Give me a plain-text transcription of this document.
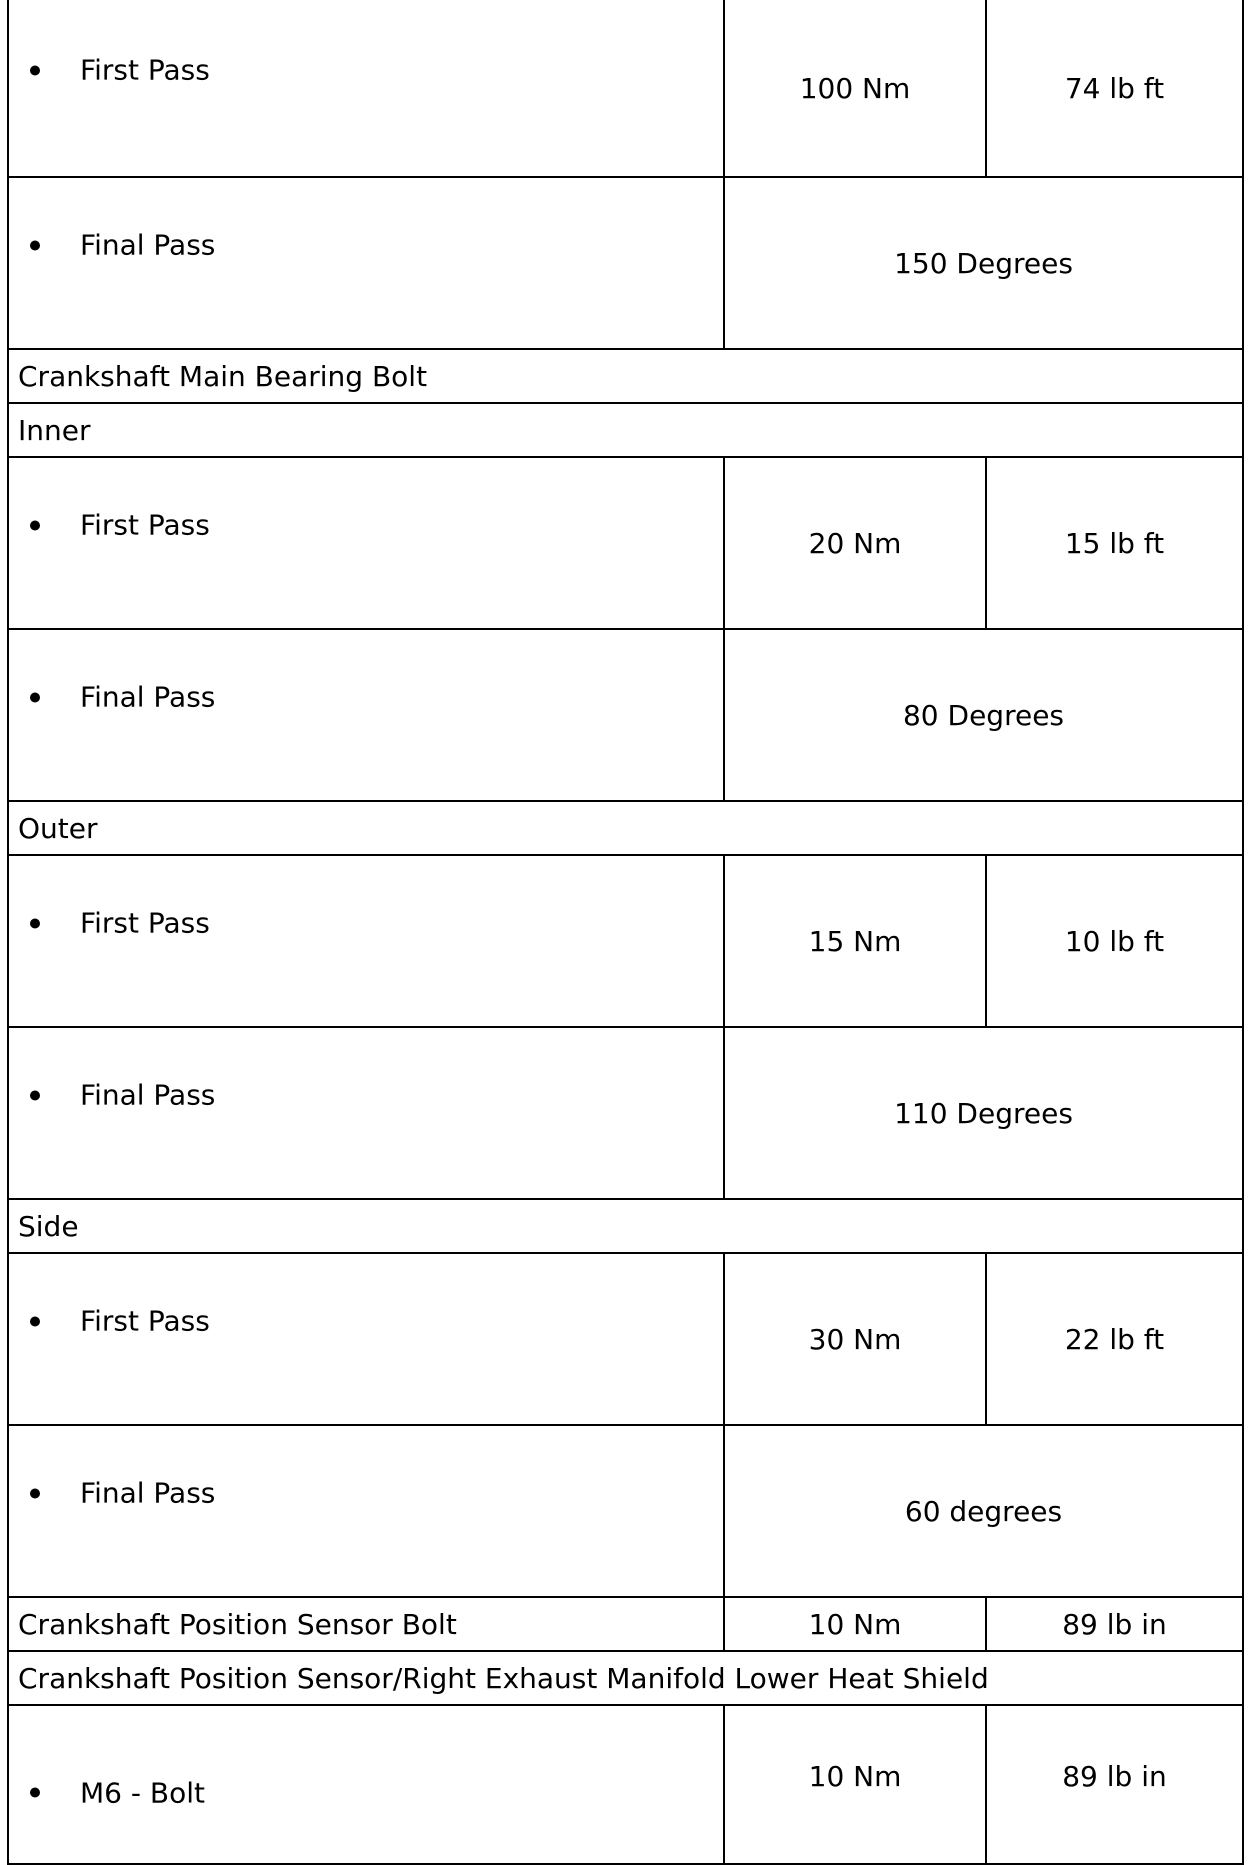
First Pass	100 Nm	74 lb ft

Final Pass	150 Degrees	
Crankshaft Main Bearing Bolt		
Inner		

First Pass	20 Nm	15 lb ft

Final Pass	80 Degrees	
Outer		

First Pass	15 Nm	10 lb ft

Final Pass	110 Degrees	
Side		

First Pass	30 Nm	22 lb ft

Final Pass	60 degrees	
Crankshaft Position Sensor Bolt	10 Nm	89 lb in
Crankshaft Position Sensor/Right Exhaust Manifold Lower Heat Shield		

M6 - Bolt	10 Nm	89 lb in
